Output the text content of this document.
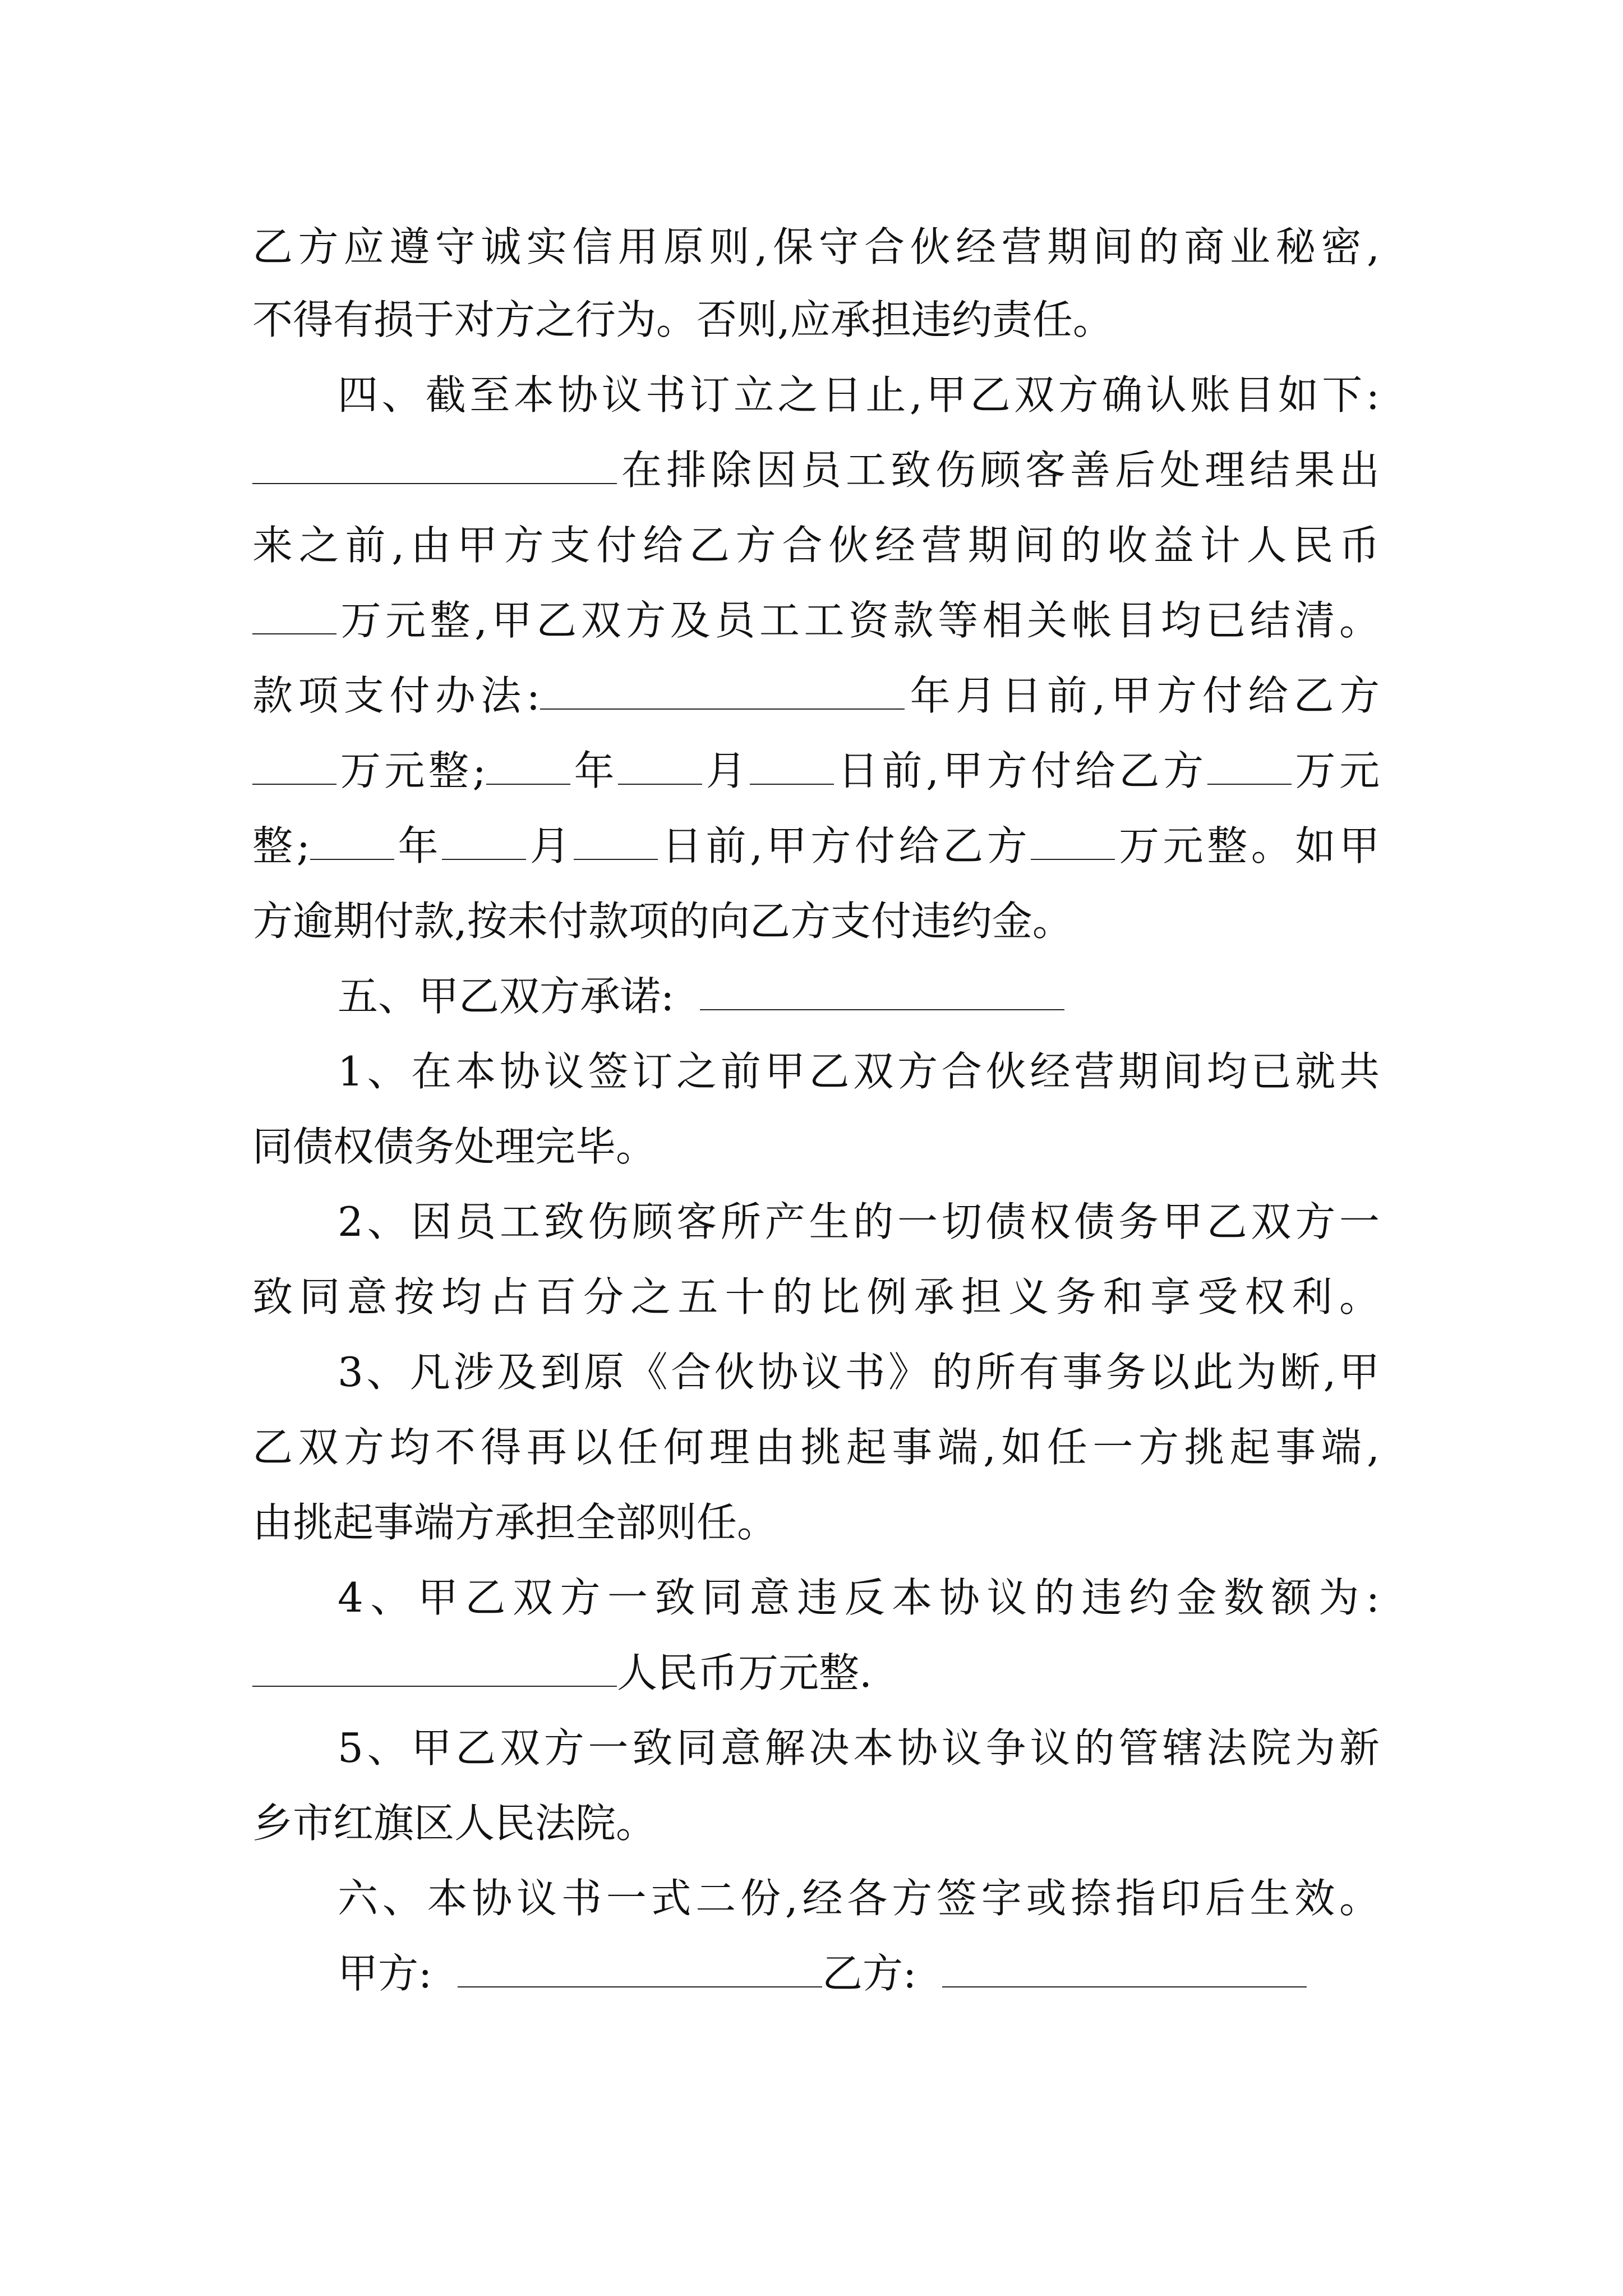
乙方应遵守诚实信用原则,保守合伙经营期间的商业秘密,
不得有损于对方之行为。否则,应承担违约责任。
四、截至本协议书订立之日止,甲乙双方确认账目如下:
在排除因员工致伤顾客善后处理结果出
来之前,由甲方支付给乙方合伙经营期间的收益计人民币
万元整,甲乙双方及员工工资款等相关帐目均已结清。
款项支付办法:	年月日前,甲方付给乙方
万元整; 年 月 日前,甲方付给乙方 万元
整; 年 月 日前,甲方付给乙方 万元整。如甲
方逾期付款,按未付款项的向乙方支付违约金。
五、甲乙双方承诺:
1、在本协议签订之前甲乙双方合伙经营期间均已就共
同债权债务处理完毕。
2、因员工致伤顾客所产生的一切债权债务甲乙双方一
致同意按均占百分之五十的比例承担义务和享受权利。
3、凡涉及到原《合伙协议书》的所有事务以此为断,甲
乙双方均不得再以任何理由挑起事端,如任一方挑起事端,
由挑起事端方承担全部则任。
4、甲乙双方一致同意违反本协议的违约金数额为:
人民币万元整.
5、甲乙双方一致同意解决本协议争议的管辖法院为新
乡市红旗区人民法院。
六、本协议书一式二份,经各方签字或捺指印后生效。
甲方:	乙方:
